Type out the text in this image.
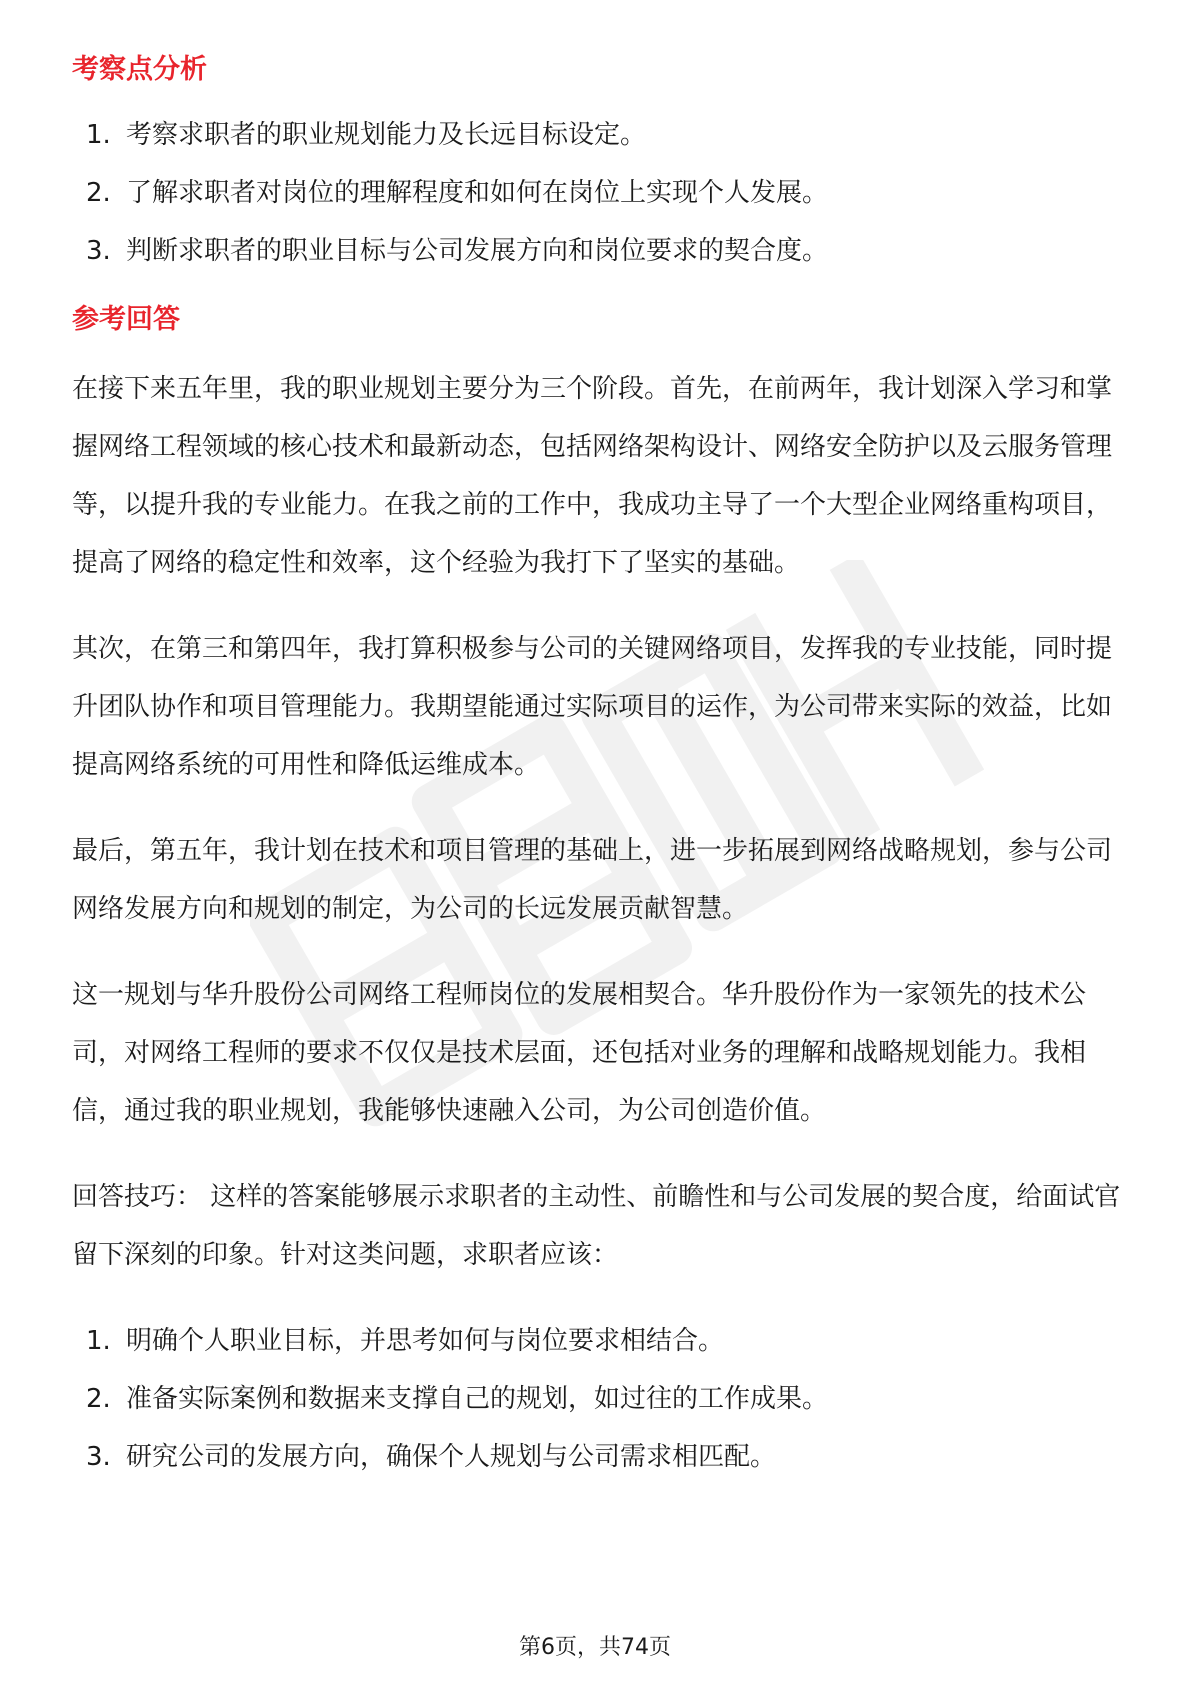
考察点分析
1. 考察求职者的职业规划能力及长远目标设定。
2. 了解求职者对岗位的理解程度和如何在岗位上实现个人发展。
3. 判断求职者的职业目标与公司发展方向和岗位要求的契合度。
参考回答

在接下来五年里，我的职业规划主要分为三个阶段。首先，在前两年，我计划深入学习和掌握网络工程领域的核心技术和最新动态，包括网络架构设计、网络安全防护以及云服务管理等，以提升我的专业能力。在我之前的工作中，我成功主导了一个大型企业网络重构项目，提高了网络的稳定性和效率，这个经验为我打下了坚实的基础。

其次，在第三和第四年，我打算积极参与公司的关键网络项目，发挥我的专业技能，同时提升团队协作和项目管理能力。我期望能通过实际项目的运作，为公司带来实际的效益，比如提高网络系统的可用性和降低运维成本。

最后，第五年，我计划在技术和项目管理的基础上，进一步拓展到网络战略规划，参与公司网络发展方向和规划的制定，为公司的长远发展贡献智慧。

这一规划与华升股份公司网络工程师岗位的发展相契合。华升股份作为一家领先的技术公司，对网络工程师的要求不仅仅是技术层面，还包括对业务的理解和战略规划能力。我相信，通过我的职业规划，我能够快速融入公司，为公司创造价值。

回答技巧： 这样的答案能够展示求职者的主动性、前瞻性和与公司发展的契合度，给面试官留下深刻的印象。针对这类问题，求职者应该：

1. 明确个人职业目标，并思考如何与岗位要求相结合。
2. 准备实际案例和数据来支撑自己的规划，如过往的工作成果。
3. 研究公司的发展方向，确保个人规划与公司需求相匹配。
第6页，共74页
